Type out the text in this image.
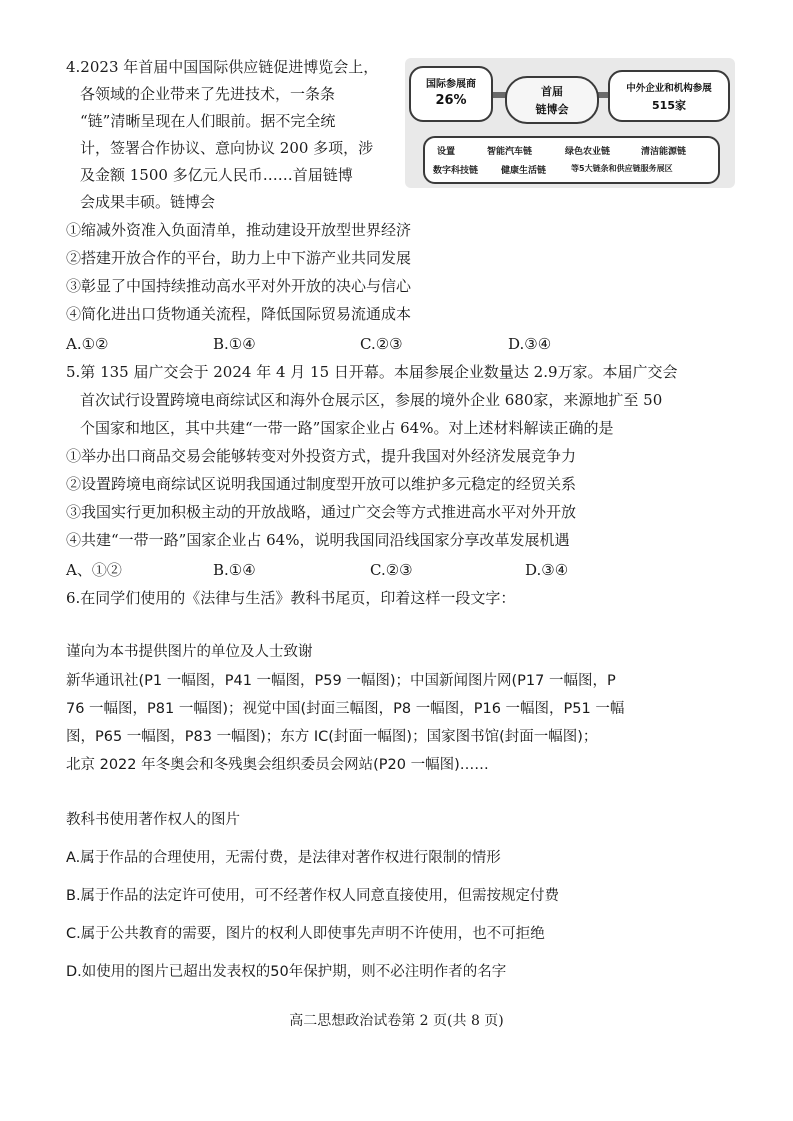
4.2023 年首届中国国际供应链促进博览会上，
各领域的企业带来了先进技术，一条条
“链”清晰呈现在人们眼前。据不完全统
计，签署合作协议、意向协议 200 多项，涉
及金额 1500 多亿元人民币……首届链博
会成果丰硕。链博会
国际参展商
26%
首届
链博会
中外企业和机构参展
515家
设置	智能汽车链	绿色农业链	清洁能源链
数字科技链	健康生活链	等5大链条和供应链服务展区
①缩减外资准入负面清单，推动建设开放型世界经济
②搭建开放合作的平台，助力上中下游产业共同发展
③彰显了中国持续推动高水平对外开放的决心与信心
④简化进出口货物通关流程，降低国际贸易流通成本
A.①②	B.①④	C.②③	D.③④
5.第 135 届广交会于 2024 年 4 月 15 日开幕。本届参展企业数量达 2.9万家。本届广交会
首次试行设置跨境电商综试区和海外仓展示区，参展的境外企业 680家，来源地扩至 50
个国家和地区，其中共建“一带一路”国家企业占 64%。对上述材料解读正确的是
①举办出口商品交易会能够转变对外投资方式，提升我国对外经济发展竞争力
②设置跨境电商综试区说明我国通过制度型开放可以维护多元稳定的经贸关系
③我国实行更加积极主动的开放战略，通过广交会等方式推进高水平对外开放
④共建“一带一路”国家企业占 64%，说明我国同沿线国家分享改革发展机遇
A、①②	B.①④	C.②③	D.③④
6.在同学们使用的《法律与生活》教科书尾页，印着这样一段文字：
谨向为本书提供图片的单位及人士致谢
新华通讯社(P1 一幅图，P41 一幅图，P59 一幅图)；中国新闻图片网(P17 一幅图，P
76 一幅图，P81 一幅图)；视觉中国(封面三幅图，P8 一幅图，P16 一幅图，P51 一幅
图，P65 一幅图，P83 一幅图)；东方 IC(封面一幅图)；国家图书馆(封面一幅图)；
北京 2022 年冬奥会和冬残奥会组织委员会网站(P20 一幅图)……
教科书使用著作权人的图片
A.属于作品的合理使用，无需付费，是法律对著作权进行限制的情形
B.属于作品的法定许可使用，可不经著作权人同意直接使用，但需按规定付费
C.属于公共教育的需要，图片的权利人即使事先声明不许使用，也不可拒绝
D.如使用的图片已超出发表权的50年保护期，则不必注明作者的名字
高二思想政治试卷第 2 页(共 8 页)
